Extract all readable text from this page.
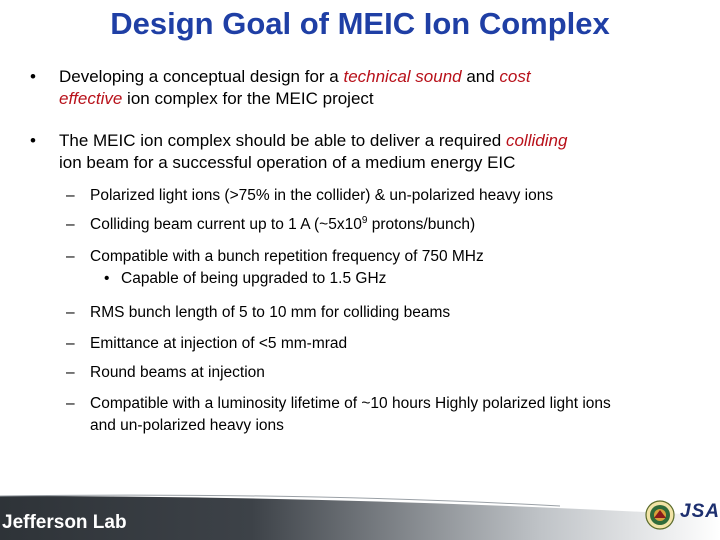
Design Goal of MEIC Ion Complex
•	Developing a conceptual design for a technical sound and cost
effective ion complex for the MEIC project
•	The MEIC ion complex should be able to deliver a required colliding
ion beam for a successful operation of a medium energy EIC
– Polarized light ions (>75% in the collider) & un-polarized heavy ions
– Colliding beam current up to 1 A ($\sim 5x10^9$ protons/bunch)
– Compatible with a bunch repetition frequency of 750 MHz
• Capable of being upgraded to 1.5 GHz
– RMS bunch length of 5 to 10 mm for colliding beams
– Emittance at injection of <5 mm-mrad
– Round beams at injection
– Compatible with a luminosity lifetime of ~10 hours Highly polarized light ions
and un-polarized heavy ions
Jefferson Lab
JSA
